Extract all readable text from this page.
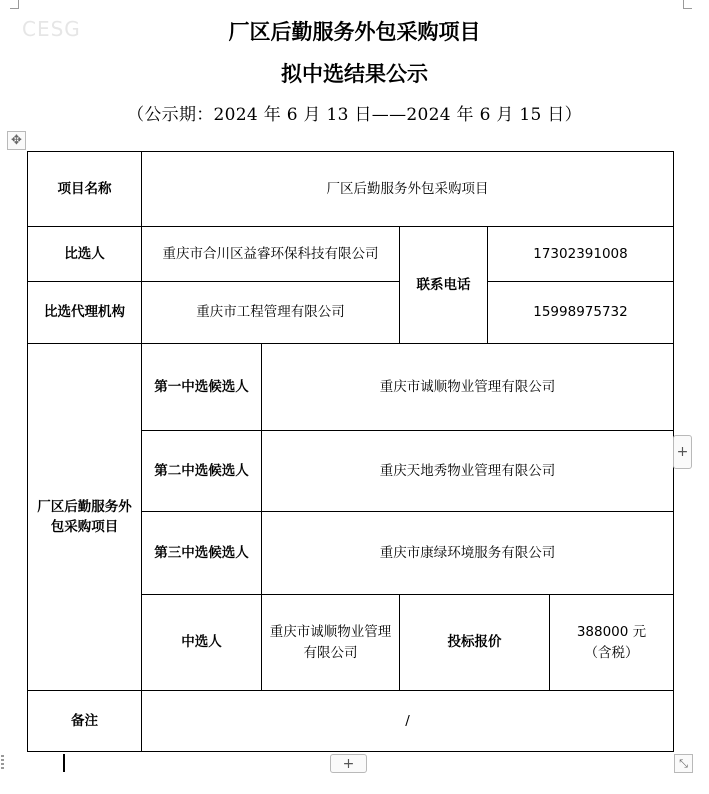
CESG	厂区后勤服务外包采购项目
拟中选结果公示
（公示期：2024 年 6 月 13 日——2024 年 6 月 15 日）
✥
项目名称	厂区后勤服务外包采购项目				
比选人	重庆市合川区益睿环保科技有限公司		联系电话	17302391008	
比选代理机构	重庆市工程管理有限公司			15998975732	
厂区后勤服务外包采购项目	第一中选候选人	重庆市诚顺物业管理有限公司			
	第二中选候选人	重庆天地秀物业管理有限公司			
	第三中选候选人	重庆市康绿环境服务有限公司			
	中选人	重庆市诚顺物业管理有限公司	投标报价		388000 元
（含税）

备注	/				
+
+	⤡
